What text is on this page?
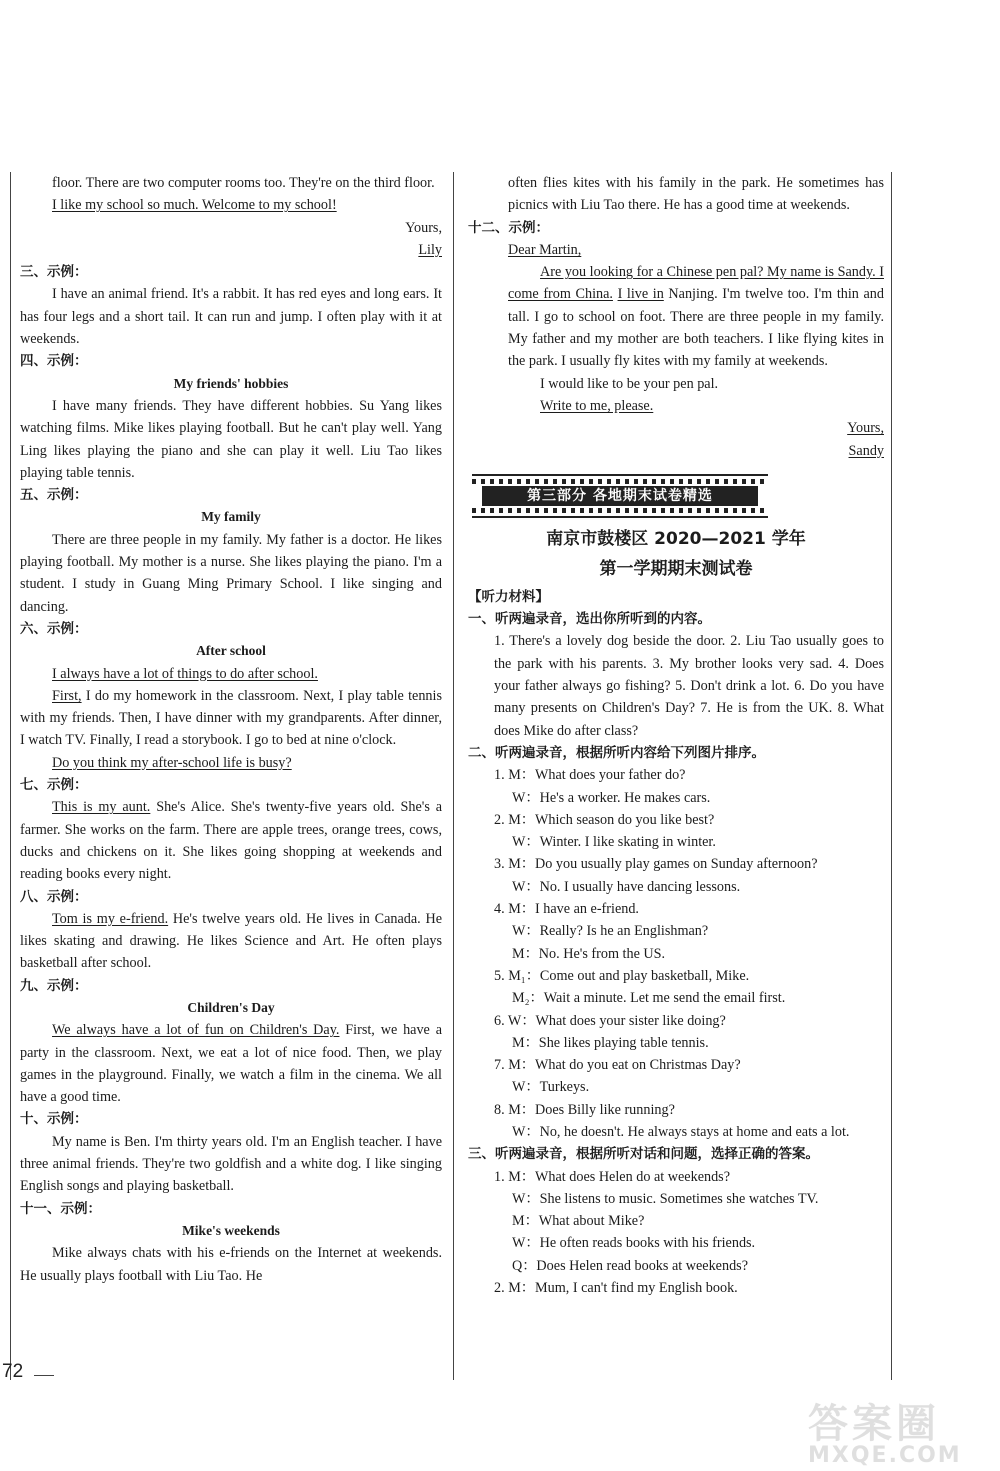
floor. There are two computer rooms too. They're on the third floor.

I like my school so much. Welcome to my school!

Yours,

Lily

三、示例：

I have an animal friend. It's a rabbit. It has red eyes and long ears. It has four legs and a short tail. It can run and jump. I often play with it at weekends.

四、示例：

My friends' hobbies

I have many friends. They have different hobbies. Su Yang likes watching films. Mike likes playing football. But he can't play well. Yang Ling likes playing the piano and she can play it well. Liu Tao likes playing table tennis.

五、示例：

My family

There are three people in my family. My father is a doctor. He likes playing football. My mother is a nurse. She likes playing the piano. I'm a student. I study in Guang Ming Primary School. I like singing and dancing.

六、示例：

After school

I always have a lot of things to do after school.

First, I do my homework in the classroom. Next, I play table tennis with my friends. Then, I have dinner with my grandparents. After dinner, I watch TV. Finally, I read a storybook. I go to bed at nine o'clock.

Do you think my after-school life is busy?

七、示例：

This is my aunt. She's Alice. She's twenty-five years old. She's a farmer. She works on the farm. There are apple trees, orange trees, cows, ducks and chickens on it. She likes going shopping at weekends and reading books every night.

八、示例：

Tom is my e-friend. He's twelve years old. He lives in Canada. He likes skating and drawing. He likes Science and Art. He often plays basketball after school.

九、示例：

Children's Day

We always have a lot of fun on Children's Day. First, we have a party in the classroom. Next, we eat a lot of nice food. Then, we play games in the playground. Finally, we watch a film in the cinema. We all have a good time.

十、示例：

My name is Ben. I'm thirty years old. I'm an English teacher. I have three animal friends. They're two goldfish and a white dog. I like singing English songs and playing basketball.

十一、示例：

Mike's weekends

Mike always chats with his e-friends on the Internet at weekends. He usually plays football with Liu Tao. He

often flies kites with his family in the park. He sometimes has picnics with Liu Tao there. He has a good time at weekends.

十二、示例：

Dear Martin,

Are you looking for a Chinese pen pal? My name is Sandy. I come from China. I live in Nanjing. I'm twelve too. I'm thin and tall. I go to school on foot. There are three people in my family. My father and my mother are both teachers. I like flying kites in the park. I usually fly kites with my family at weekends.

I would like to be your pen pal.

Write to me, please.

Yours,

Sandy

第三部分 各地期末试卷精选

南京市鼓楼区 2020—2021 学年

第一学期期末测试卷

【听力材料】

一、听两遍录音，选出你所听到的内容。

1. There's a lovely dog beside the door. 2. Liu Tao usually goes to the park with his parents. 3. My brother looks very sad. 4. Does your father always go fishing? 5. Don't drink a lot. 6. Do you have many presents on Children's Day? 7. He is from the UK. 8. What does Mike do after class?

二、听两遍录音，根据所听内容给下列图片排序。

1. M：What does your father do?

W：He's a worker. He makes cars.

2. M：Which season do you like best?

W：Winter. I like skating in winter.

3. M：Do you usually play games on Sunday afternoon?

W：No. I usually have dancing lessons.

4. M：I have an e-friend.

W：Really? Is he an Englishman?

M：No. He's from the US.

5. M₁：Come out and play basketball, Mike.

M₂：Wait a minute. Let me send the email first.

6. W：What does your sister like doing?

M：She likes playing table tennis.

7. M：What do you eat on Christmas Day?

W：Turkeys.

8. M：Does Billy like running?

W：No, he doesn't. He always stays at home and eats a lot.

三、听两遍录音，根据所听对话和问题，选择正确的答案。

1. M：What does Helen do at weekends?

W：She listens to music. Sometimes she watches TV.

M：What about Mike?

W：He often reads books with his friends.

Q：Does Helen read books at weekends?

2. M：Mum, I can't find my English book.

72
答案圈
MXQE.COM
